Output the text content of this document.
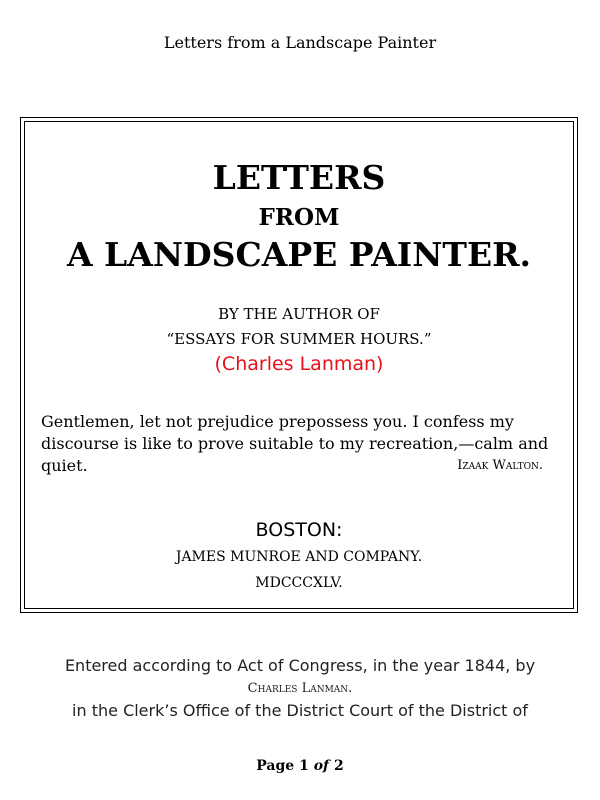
Letters from a Landscape Painter
LETTERS
FROM
A LANDSCAPE PAINTER.
BY THE AUTHOR OF
“ESSAYS FOR SUMMER HOURS.”
(Charles Lanman)
Gentlemen, let not prejudice prepossess you. I confess my discourse is like to prove suitable to my recreation,—calm and quiet.	Izaak Walton.
BOSTON:
JAMES MUNROE AND COMPANY.
MDCCCXLV.
Entered according to Act of Congress, in the year 1844, by
Charles Lanman.
in the Clerk’s Office of the District Court of the District of
Page 1 of 2
